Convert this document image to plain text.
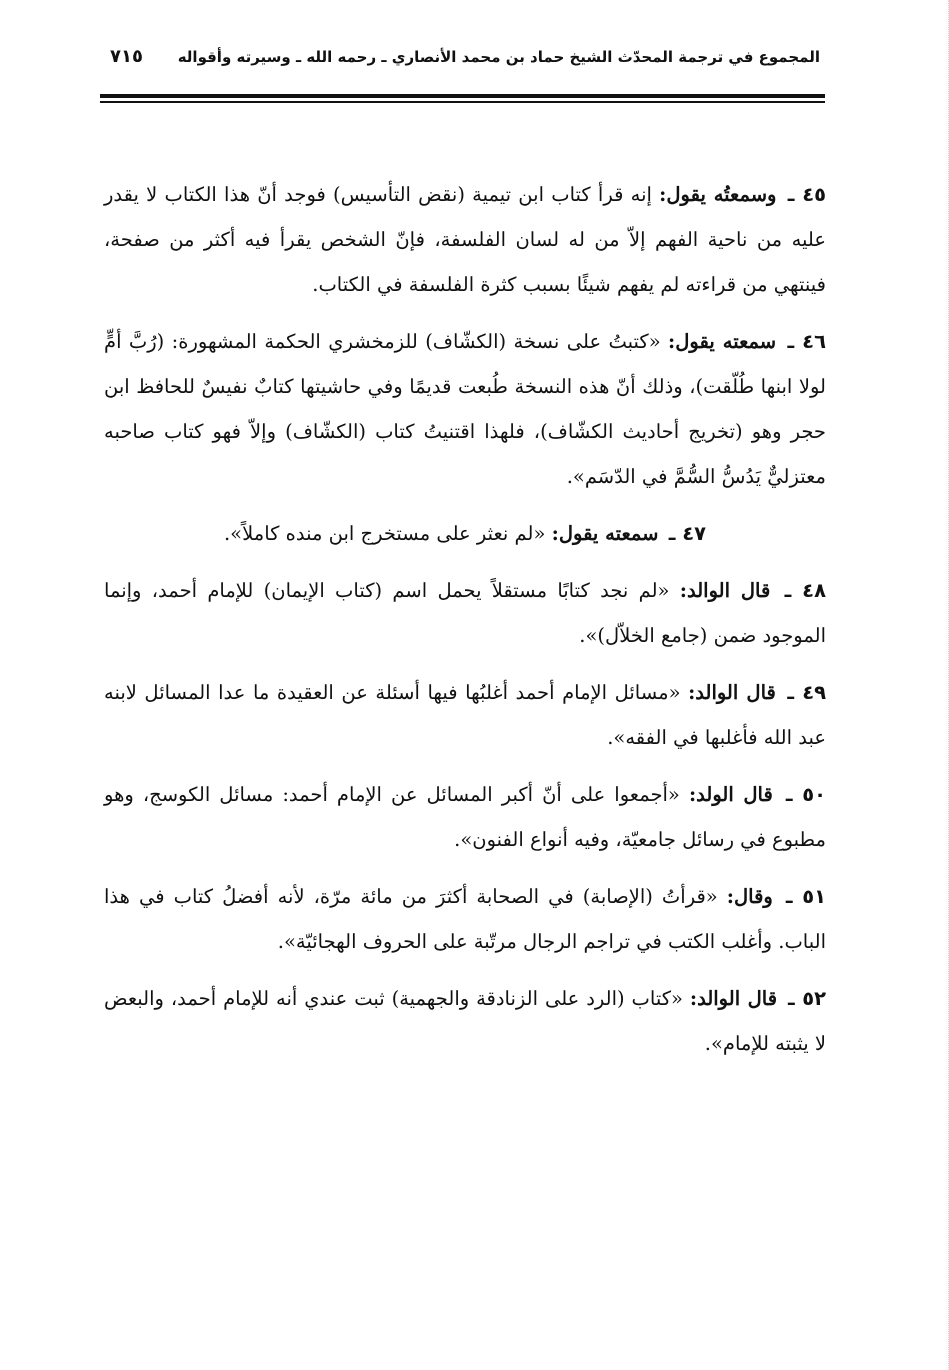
المجموع في ترجمة المحدّث الشيخ حماد بن محمد الأنصاري ـ رحمه الله ـ وسيرته وأقواله
٧١٥

٤٥ ـ وسمعتُه يقول: إنه قرأ كتاب ابن تيمية (نقض التأسيس) فوجد أنّ هذا الكتاب لا يقدر عليه من ناحية الفهم إلاّ من له لسان الفلسفة، فإنّ الشخص يقرأ فيه أكثر من صفحة، فينتهي من قراءته لم يفهم شيئًا بسبب كثرة الفلسفة في الكتاب.

٤٦ ـ سمعته يقول: «كتبتُ على نسخة (الكشّاف) للزمخشري الحكمة المشهورة: (رُبَّ أمٍّ لولا ابنها طُلّقت)، وذلك أنّ هذه النسخة طُبعت قديمًا وفي حاشيتها كتابٌ نفيسٌ للحافظ ابن حجر وهو (تخريج أحاديث الكشّاف)، فلهذا اقتنيتُ كتاب (الكشّاف) وإلاّ فهو كتاب صاحبه معتزليٌّ يَدُسُّ السُّمَّ في الدّسَم».

٤٧ ـ سمعته يقول: «لم نعثر على مستخرج ابن منده كاملاً».

٤٨ ـ قال الوالد: «لم نجد كتابًا مستقلاً يحمل اسم (كتاب الإيمان) للإمام أحمد، وإنما الموجود ضمن (جامع الخلاّل)».

٤٩ ـ قال الوالد: «مسائل الإمام أحمد أغلبُها فيها أسئلة عن العقيدة ما عدا المسائل لابنه عبد الله فأغلبها في الفقه».

٥٠ ـ قال الولد: «أجمعوا على أنّ أكبر المسائل عن الإمام أحمد: مسائل الكوسج، وهو مطبوع في رسائل جامعيّة، وفيه أنواع الفنون».

٥١ ـ وقال: «قرأتُ (الإصابة) في الصحابة أكثرَ من مائة مرّة، لأنه أفضلُ كتاب في هذا الباب. وأغلب الكتب في تراجم الرجال مرتّبة على الحروف الهجائيّة».

٥٢ ـ قال الوالد: «كتاب (الرد على الزنادقة والجهمية) ثبت عندي أنه للإمام أحمد، والبعض لا يثبته للإمام».
